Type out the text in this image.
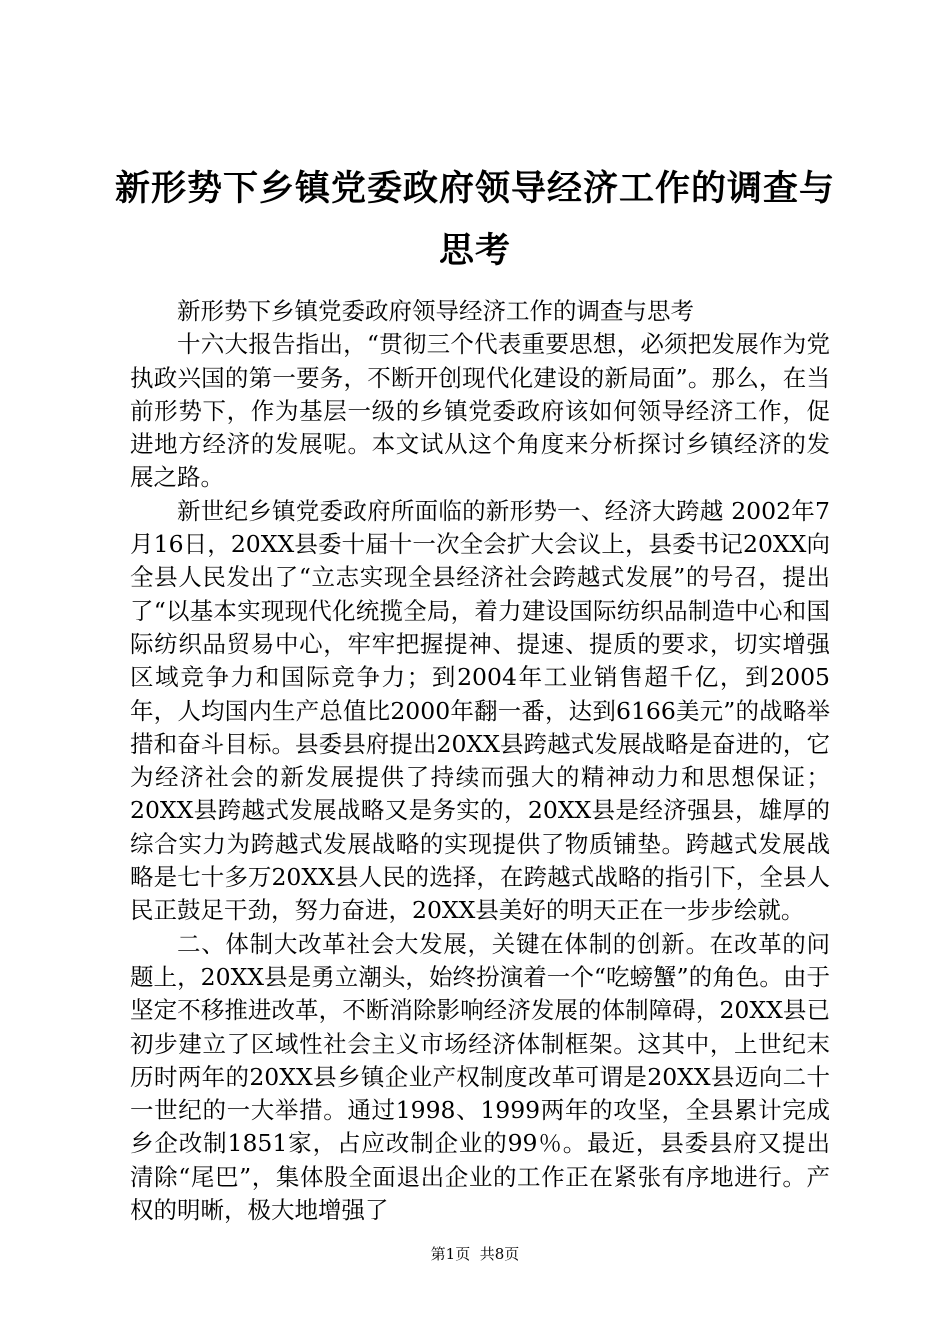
新形势下乡镇党委政府领导经济工作的调查与思考

新形势下乡镇党委政府领导经济工作的调查与思考

十六大报告指出，“贯彻三个代表重要思想，必须把发展作为党执政兴国的第一要务，不断开创现代化建设的新局面”。那么，在当前形势下，作为基层一级的乡镇党委政府该如何领导经济工作，促进地方经济的发展呢。本文试从这个角度来分析探讨乡镇经济的发展之路。

新世纪乡镇党委政府所面临的新形势一、经济大跨越 2002年7月16日，20XX县委十届十一次全会扩大会议上，县委书记20XX向全县人民发出了“立志实现全县经济社会跨越式发展”的号召，提出了“以基本实现现代化统揽全局，着力建设国际纺织品制造中心和国际纺织品贸易中心，牢牢把握提神、提速、提质的要求，切实增强区域竞争力和国际竞争力；到2004年工业销售超千亿，到2005年，人均国内生产总值比2000年翻一番，达到6166美元”的战略举措和奋斗目标。县委县府提出20XX县跨越式发展战略是奋进的，它为经济社会的新发展提供了持续而强大的精神动力和思想保证；20XX县跨越式发展战略又是务实的，20XX县是经济强县，雄厚的综合实力为跨越式发展战略的实现提供了物质铺垫。跨越式发展战略是七十多万20XX县人民的选择，在跨越式战略的指引下，全县人民正鼓足干劲，努力奋进，20XX县美好的明天正在一步步绘就。

二、体制大改革社会大发展，关键在体制的创新。在改革的问题上，20XX县是勇立潮头，始终扮演着一个“吃螃蟹”的角色。由于坚定不移推进改革，不断消除影响经济发展的体制障碍，20XX县已初步建立了区域性社会主义市场经济体制框架。这其中，上世纪末历时两年的20XX县乡镇企业产权制度改革可谓是20XX县迈向二十一世纪的一大举措。通过1998、1999两年的攻坚，全县累计完成乡企改制1851家，占应改制企业的99％。最近，县委县府又提出清除“尾巴”，集体股全面退出企业的工作正在紧张有序地进行。产权的明晰，极大地增强了

第1页 共8页
